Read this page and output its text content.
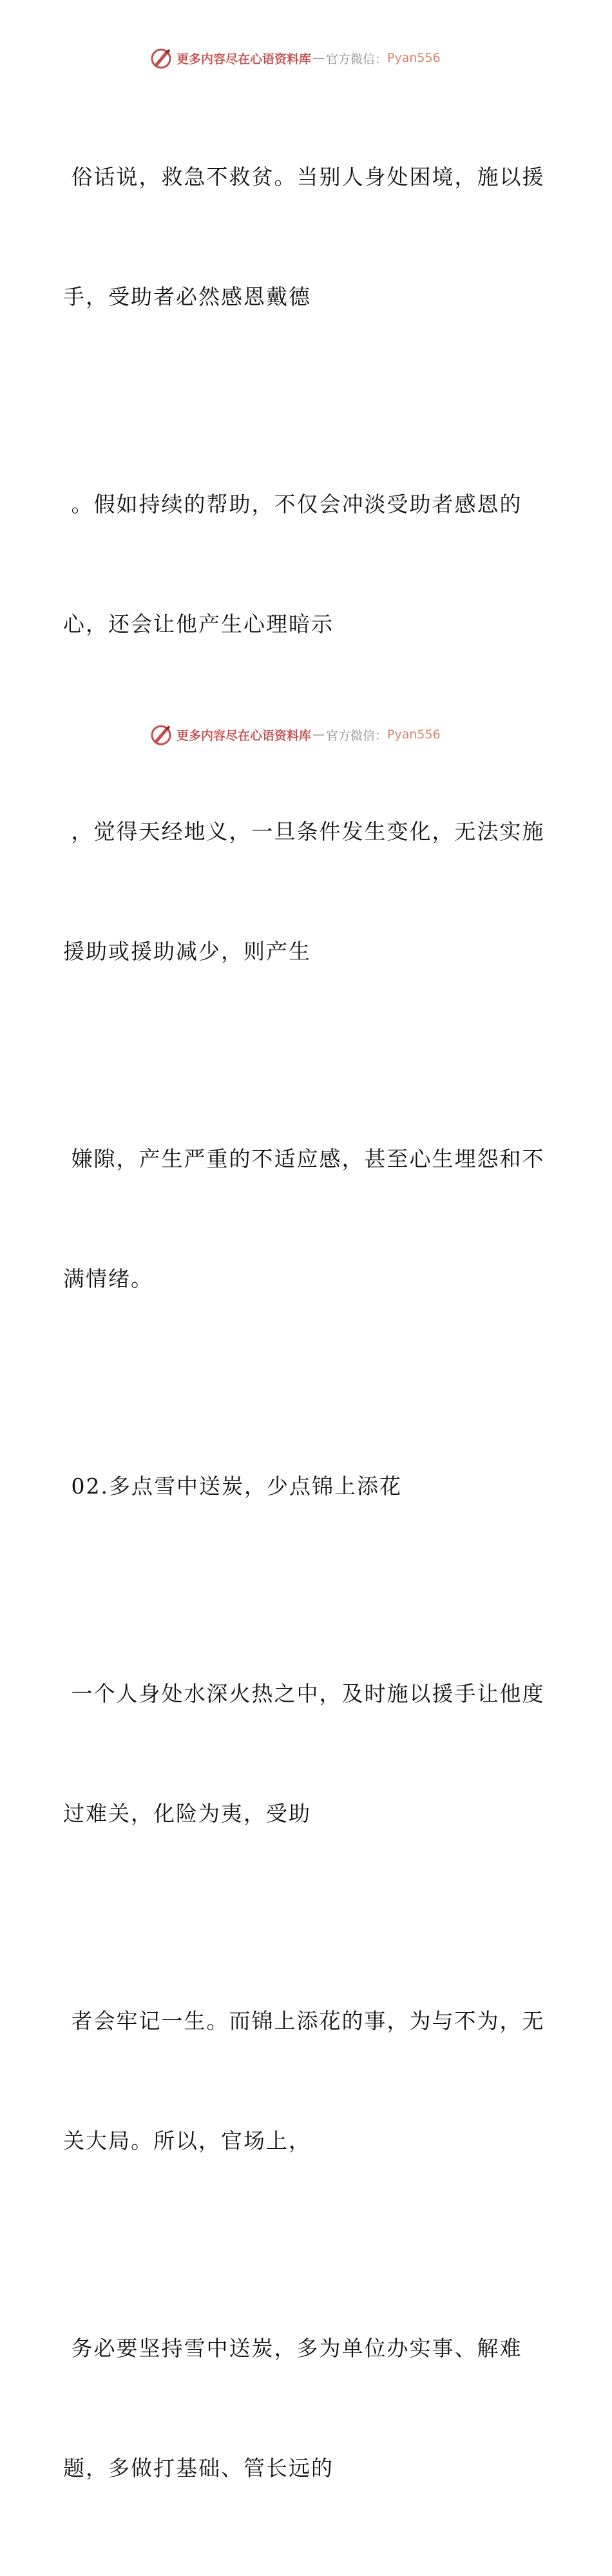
更多内容尽在心语资料库 — 官方微信： Pyan556

俗话说，救急不救贫。当别人身处困境，施以援

手，受助者必然感恩戴德

。假如持续的帮助，不仅会冲淡受助者感恩的

心，还会让他产生心理暗示

，觉得天经地义，一旦条件发生变化，无法实施

援助或援助减少，则产生

嫌隙，产生严重的不适应感，甚至心生埋怨和不

满情绪。

02.多点雪中送炭，少点锦上添花

一个人身处水深火热之中，及时施以援手让他度

过难关，化险为夷，受助

者会牢记一生。而锦上添花的事，为与不为，无

关大局。所以，官场上，

务必要坚持雪中送炭，多为单位办实事、解难

题，多做打基础、管长远的

更多内容尽在心语资料库 — 官方微信： Pyan556
